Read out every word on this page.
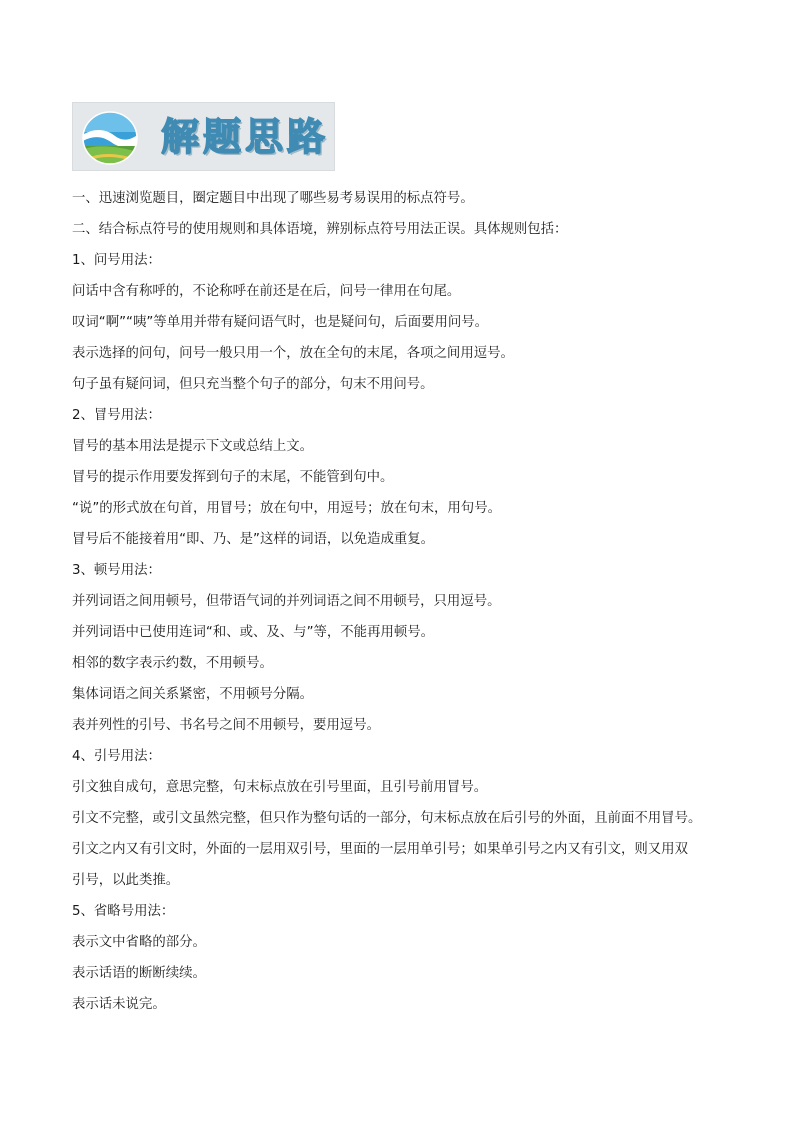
解题思路
一、迅速浏览题目，圈定题目中出现了哪些易考易误用的标点符号。
二、结合标点符号的使用规则和具体语境，辨别标点符号用法正误。具体规则包括：
1、问号用法：
问话中含有称呼的，不论称呼在前还是在后，问号一律用在句尾。
叹词“啊”“咦”等单用并带有疑问语气时，也是疑问句，后面要用问号。
表示选择的问句，问号一般只用一个，放在全句的末尾，各项之间用逗号。
句子虽有疑问词，但只充当整个句子的部分，句末不用问号。
2、冒号用法：
冒号的基本用法是提示下文或总结上文。
冒号的提示作用要发挥到句子的末尾，不能管到句中。
“说”的形式放在句首，用冒号；放在句中，用逗号；放在句末，用句号。
冒号后不能接着用“即、乃、是”这样的词语，以免造成重复。
3、顿号用法：
并列词语之间用顿号，但带语气词的并列词语之间不用顿号，只用逗号。
并列词语中已使用连词“和、或、及、与”等，不能再用顿号。
相邻的数字表示约数，不用顿号。
集体词语之间关系紧密，不用顿号分隔。
表并列性的引号、书名号之间不用顿号，要用逗号。
4、引号用法：
引文独自成句，意思完整，句末标点放在引号里面，且引号前用冒号。
引文不完整，或引文虽然完整，但只作为整句话的一部分，句末标点放在后引号的外面，且前面不用冒号。
引文之内又有引文时，外面的一层用双引号，里面的一层用单引号；如果单引号之内又有引文，则又用双
引号，以此类推。
5、省略号用法：
表示文中省略的部分。
表示话语的断断续续。
表示话未说完。
